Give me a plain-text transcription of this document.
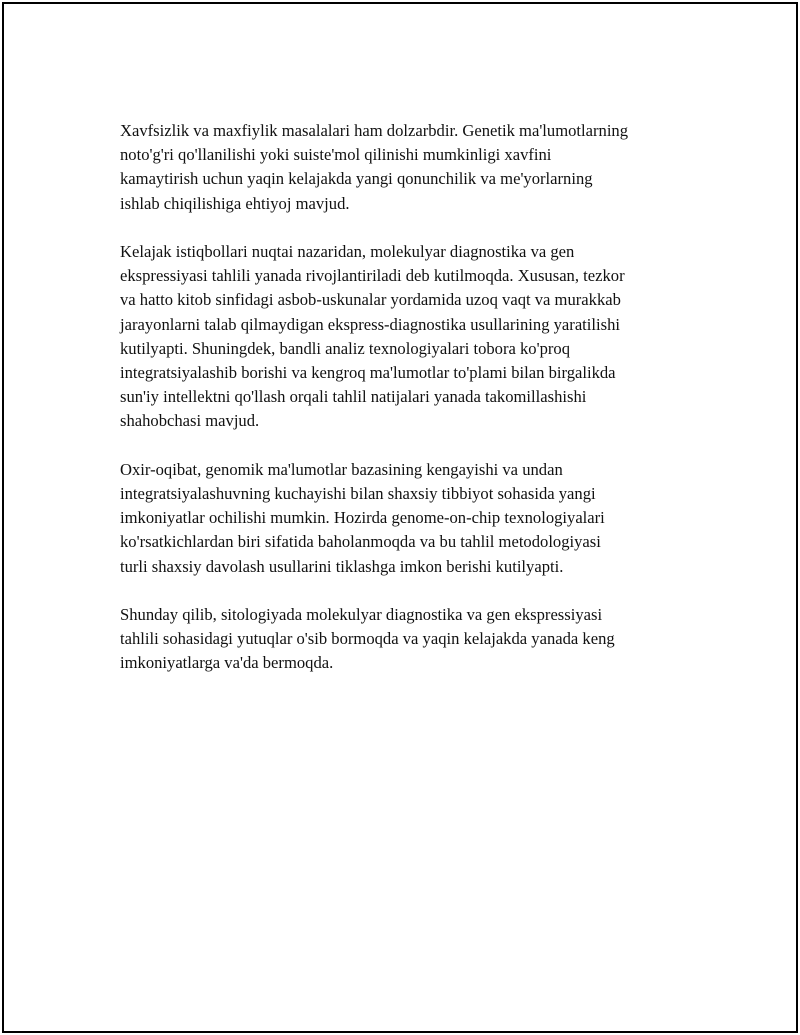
Xavfsizlik va maxfiylik masalalari ham dolzarbdir. Genetik ma'lumotlarning
noto'g'ri qo'llanilishi yoki suiste'mol qilinishi mumkinligi xavfini
kamaytirish uchun yaqin kelajakda yangi qonunchilik va me'yorlarning
ishlab chiqilishiga ehtiyoj mavjud.

Kelajak istiqbollari nuqtai nazaridan, molekulyar diagnostika va gen
ekspressiyasi tahlili yanada rivojlantiriladi deb kutilmoqda. Xususan, tezkor
va hatto kitob sinfidagi asbob-uskunalar yordamida uzoq vaqt va murakkab
jarayonlarni talab qilmaydigan ekspress-diagnostika usullarining yaratilishi
kutilyapti. Shuningdek, bandli analiz texnologiyalari tobora ko'proq
integratsiyalashib borishi va kengroq ma'lumotlar to'plami bilan birgalikda
sun'iy intellektni qo'llash orqali tahlil natijalari yanada takomillashishi
shahobchasi mavjud.

Oxir-oqibat, genomik ma'lumotlar bazasining kengayishi va undan
integratsiyalashuvning kuchayishi bilan shaxsiy tibbiyot sohasida yangi
imkoniyatlar ochilishi mumkin. Hozirda genome-on-chip texnologiyalari
ko'rsatkichlardan biri sifatida baholanmoqda va bu tahlil metodologiyasi
turli shaxsiy davolash usullarini tiklashga imkon berishi kutilyapti.

Shunday qilib, sitologiyada molekulyar diagnostika va gen ekspressiyasi
tahlili sohasidagi yutuqlar o'sib bormoqda va yaqin kelajakda yanada keng
imkoniyatlarga va'da bermoqda.
